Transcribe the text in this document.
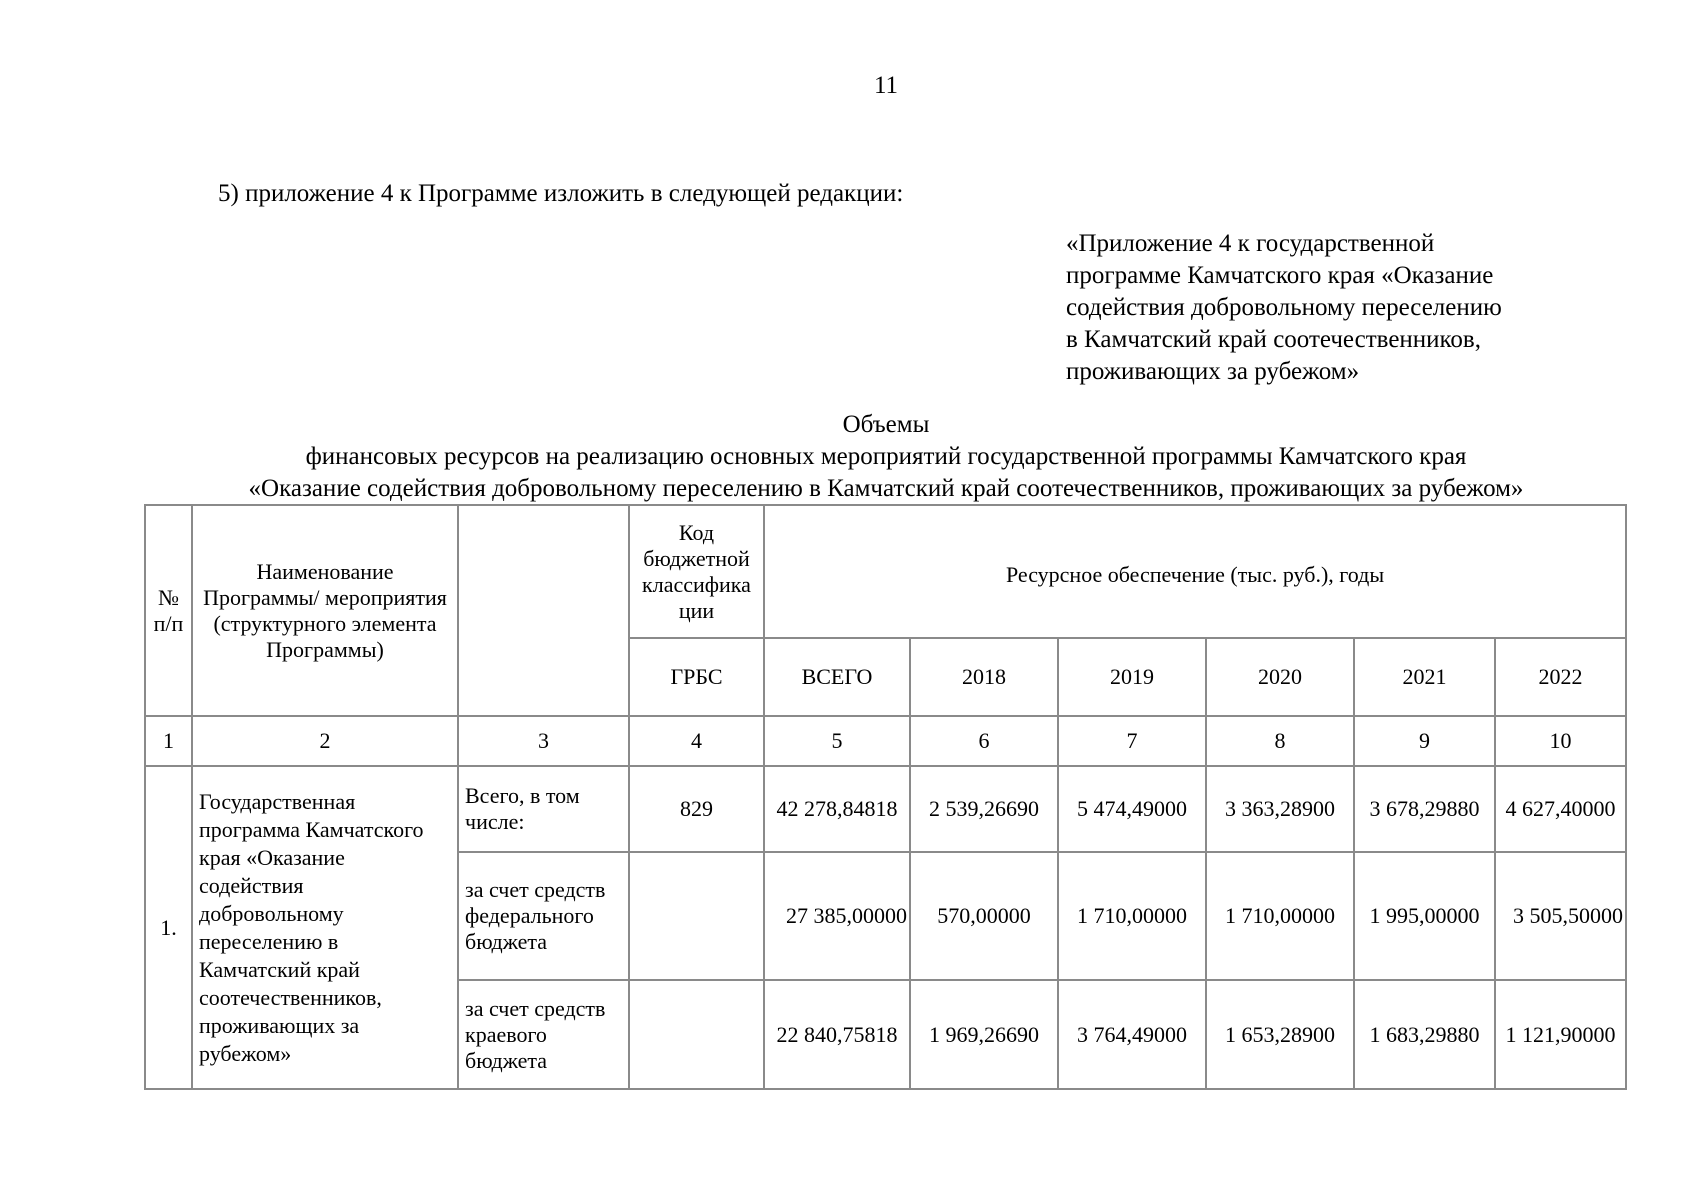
11
5) приложение 4 к Программе изложить в следующей редакции:
«Приложение 4 к государственной
программе Камчатского края «Оказание
содействия добровольному переселению
в Камчатский край соотечественников,
проживающих за рубежом»
Объемы
финансовых ресурсов на реализацию основных мероприятий государственной программы Камчатского края
«Оказание содействия добровольному переселению в Камчатский край соотечественников, проживающих за рубежом»
№ п/п	Наименование Программы/ мероприятия (структурного элемента Программы)		Код бюджетной классифика ции	Ресурсное обеспечение (тыс. руб.), годы					
			ГРБС	ВСЕГО	2018	2019	2020	2021	2022
1	2	3	4	5	6	7	8	9	10
1.	Государственная программа Камчатского края «Оказание содействия добровольному переселению в Камчатский край соотечественников, проживающих за рубежом»	Всего, в том числе:	829	42 278,84818	2 539,26690	5 474,49000	3 363,28900	3 678,29880	4 627,40000
		за счет средств федерального бюджета		27 385,00000	570,00000	1 710,00000	1 710,00000	1 995,00000	3 505,50000
		за счет средств краевого бюджета		22 840,75818	1 969,26690	3 764,49000	1 653,28900	1 683,29880	1 121,90000
